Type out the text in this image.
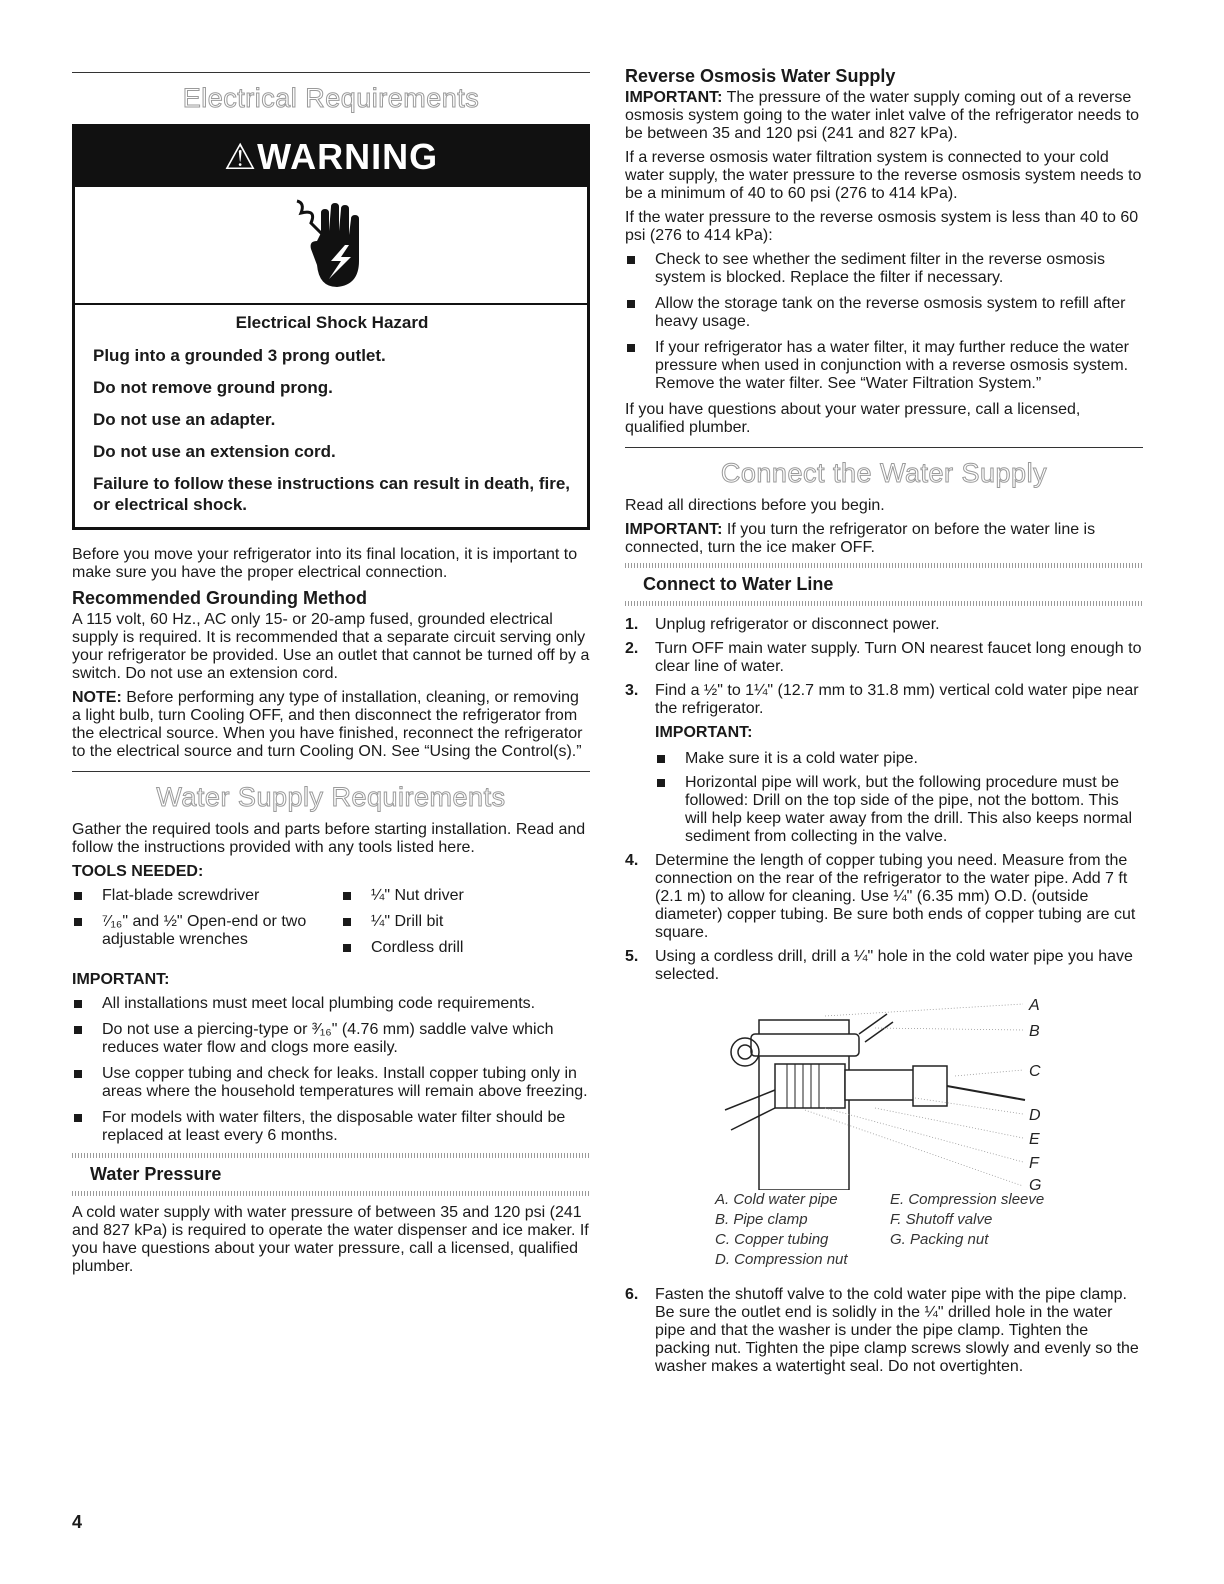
Electrical Requirements
⚠WARNING
Electrical Shock Hazard
Plug into a grounded 3 prong outlet.
Do not remove ground prong.
Do not use an adapter.
Do not use an extension cord.
Failure to follow these instructions can result in death, fire, or electrical shock.

Before you move your refrigerator into its final location, it is important to make sure you have the proper electrical connection.

Recommended Grounding Method

A 115 volt, 60 Hz., AC only 15- or 20-amp fused, grounded electrical supply is required. It is recommended that a separate circuit serving only your refrigerator be provided. Use an outlet that cannot be turned off by a switch. Do not use an extension cord.

NOTE: Before performing any type of installation, cleaning, or removing a light bulb, turn Cooling OFF, and then disconnect the refrigerator from the electrical source. When you have finished, reconnect the refrigerator to the electrical source and turn Cooling ON. See “Using the Control(s).”

Water Supply Requirements

Gather the required tools and parts before starting installation. Read and follow the instructions provided with any tools listed here.

TOOLS NEEDED:
Flat-blade screwdriver
⁷⁄₁₆" and ½" Open-end or two adjustable wrenches
¼" Nut driver
¼" Drill bit
Cordless drill
IMPORTANT:
All installations must meet local plumbing code requirements.
Do not use a piercing-type or ³⁄₁₆" (4.76 mm) saddle valve which reduces water flow and clogs more easily.
Use copper tubing and check for leaks. Install copper tubing only in areas where the household temperatures will remain above freezing.
For models with water filters, the disposable water filter should be replaced at least every 6 months.
Water Pressure

A cold water supply with water pressure of between 35 and 120 psi (241 and 827 kPa) is required to operate the water dispenser and ice maker. If you have questions about your water pressure, call a licensed, qualified plumber.

Reverse Osmosis Water Supply

IMPORTANT: The pressure of the water supply coming out of a reverse osmosis system going to the water inlet valve of the refrigerator needs to be between 35 and 120 psi (241 and 827 kPa).

If a reverse osmosis water filtration system is connected to your cold water supply, the water pressure to the reverse osmosis system needs to be a minimum of 40 to 60 psi (276 to 414 kPa).

If the water pressure to the reverse osmosis system is less than 40 to 60 psi (276 to 414 kPa):

Check to see whether the sediment filter in the reverse osmosis system is blocked. Replace the filter if necessary.
Allow the storage tank on the reverse osmosis system to refill after heavy usage.
If your refrigerator has a water filter, it may further reduce the water pressure when used in conjunction with a reverse osmosis system. Remove the water filter. See “Water Filtration System.”

If you have questions about your water pressure, call a licensed, qualified plumber.

Connect the Water Supply

Read all directions before you begin.

IMPORTANT: If you turn the refrigerator on before the water line is connected, turn the ice maker OFF.

Connect to Water Line
1. Unplug refrigerator or disconnect power.
2. Turn OFF main water supply. Turn ON nearest faucet long enough to clear line of water.
3. Find a ½" to 1¼" (12.7 mm to 31.8 mm) vertical cold water pipe near the refrigerator.
IMPORTANT:
Make sure it is a cold water pipe.
Horizontal pipe will work, but the following procedure must be followed: Drill on the top side of the pipe, not the bottom. This will help keep water away from the drill. This also keeps normal sediment from collecting in the valve.
4. Determine the length of copper tubing you need. Measure from the connection on the rear of the refrigerator to the water pipe. Add 7 ft (2.1 m) to allow for cleaning. Use ¼" (6.35 mm) O.D. (outside diameter) copper tubing. Be sure both ends of copper tubing are cut square.
5. Using a cordless drill, drill a ¼" hole in the cold water pipe you have selected.
A
B
C
D
E
F
G
A. Cold water pipe
B. Pipe clamp
C. Copper tubing
D. Compression nut
E. Compression sleeve
F. Shutoff valve
G. Packing nut
6. Fasten the shutoff valve to the cold water pipe with the pipe clamp. Be sure the outlet end is solidly in the ¼" drilled hole in the water pipe and that the washer is under the pipe clamp. Tighten the packing nut. Tighten the pipe clamp screws slowly and evenly so the washer makes a watertight seal. Do not overtighten.
4
